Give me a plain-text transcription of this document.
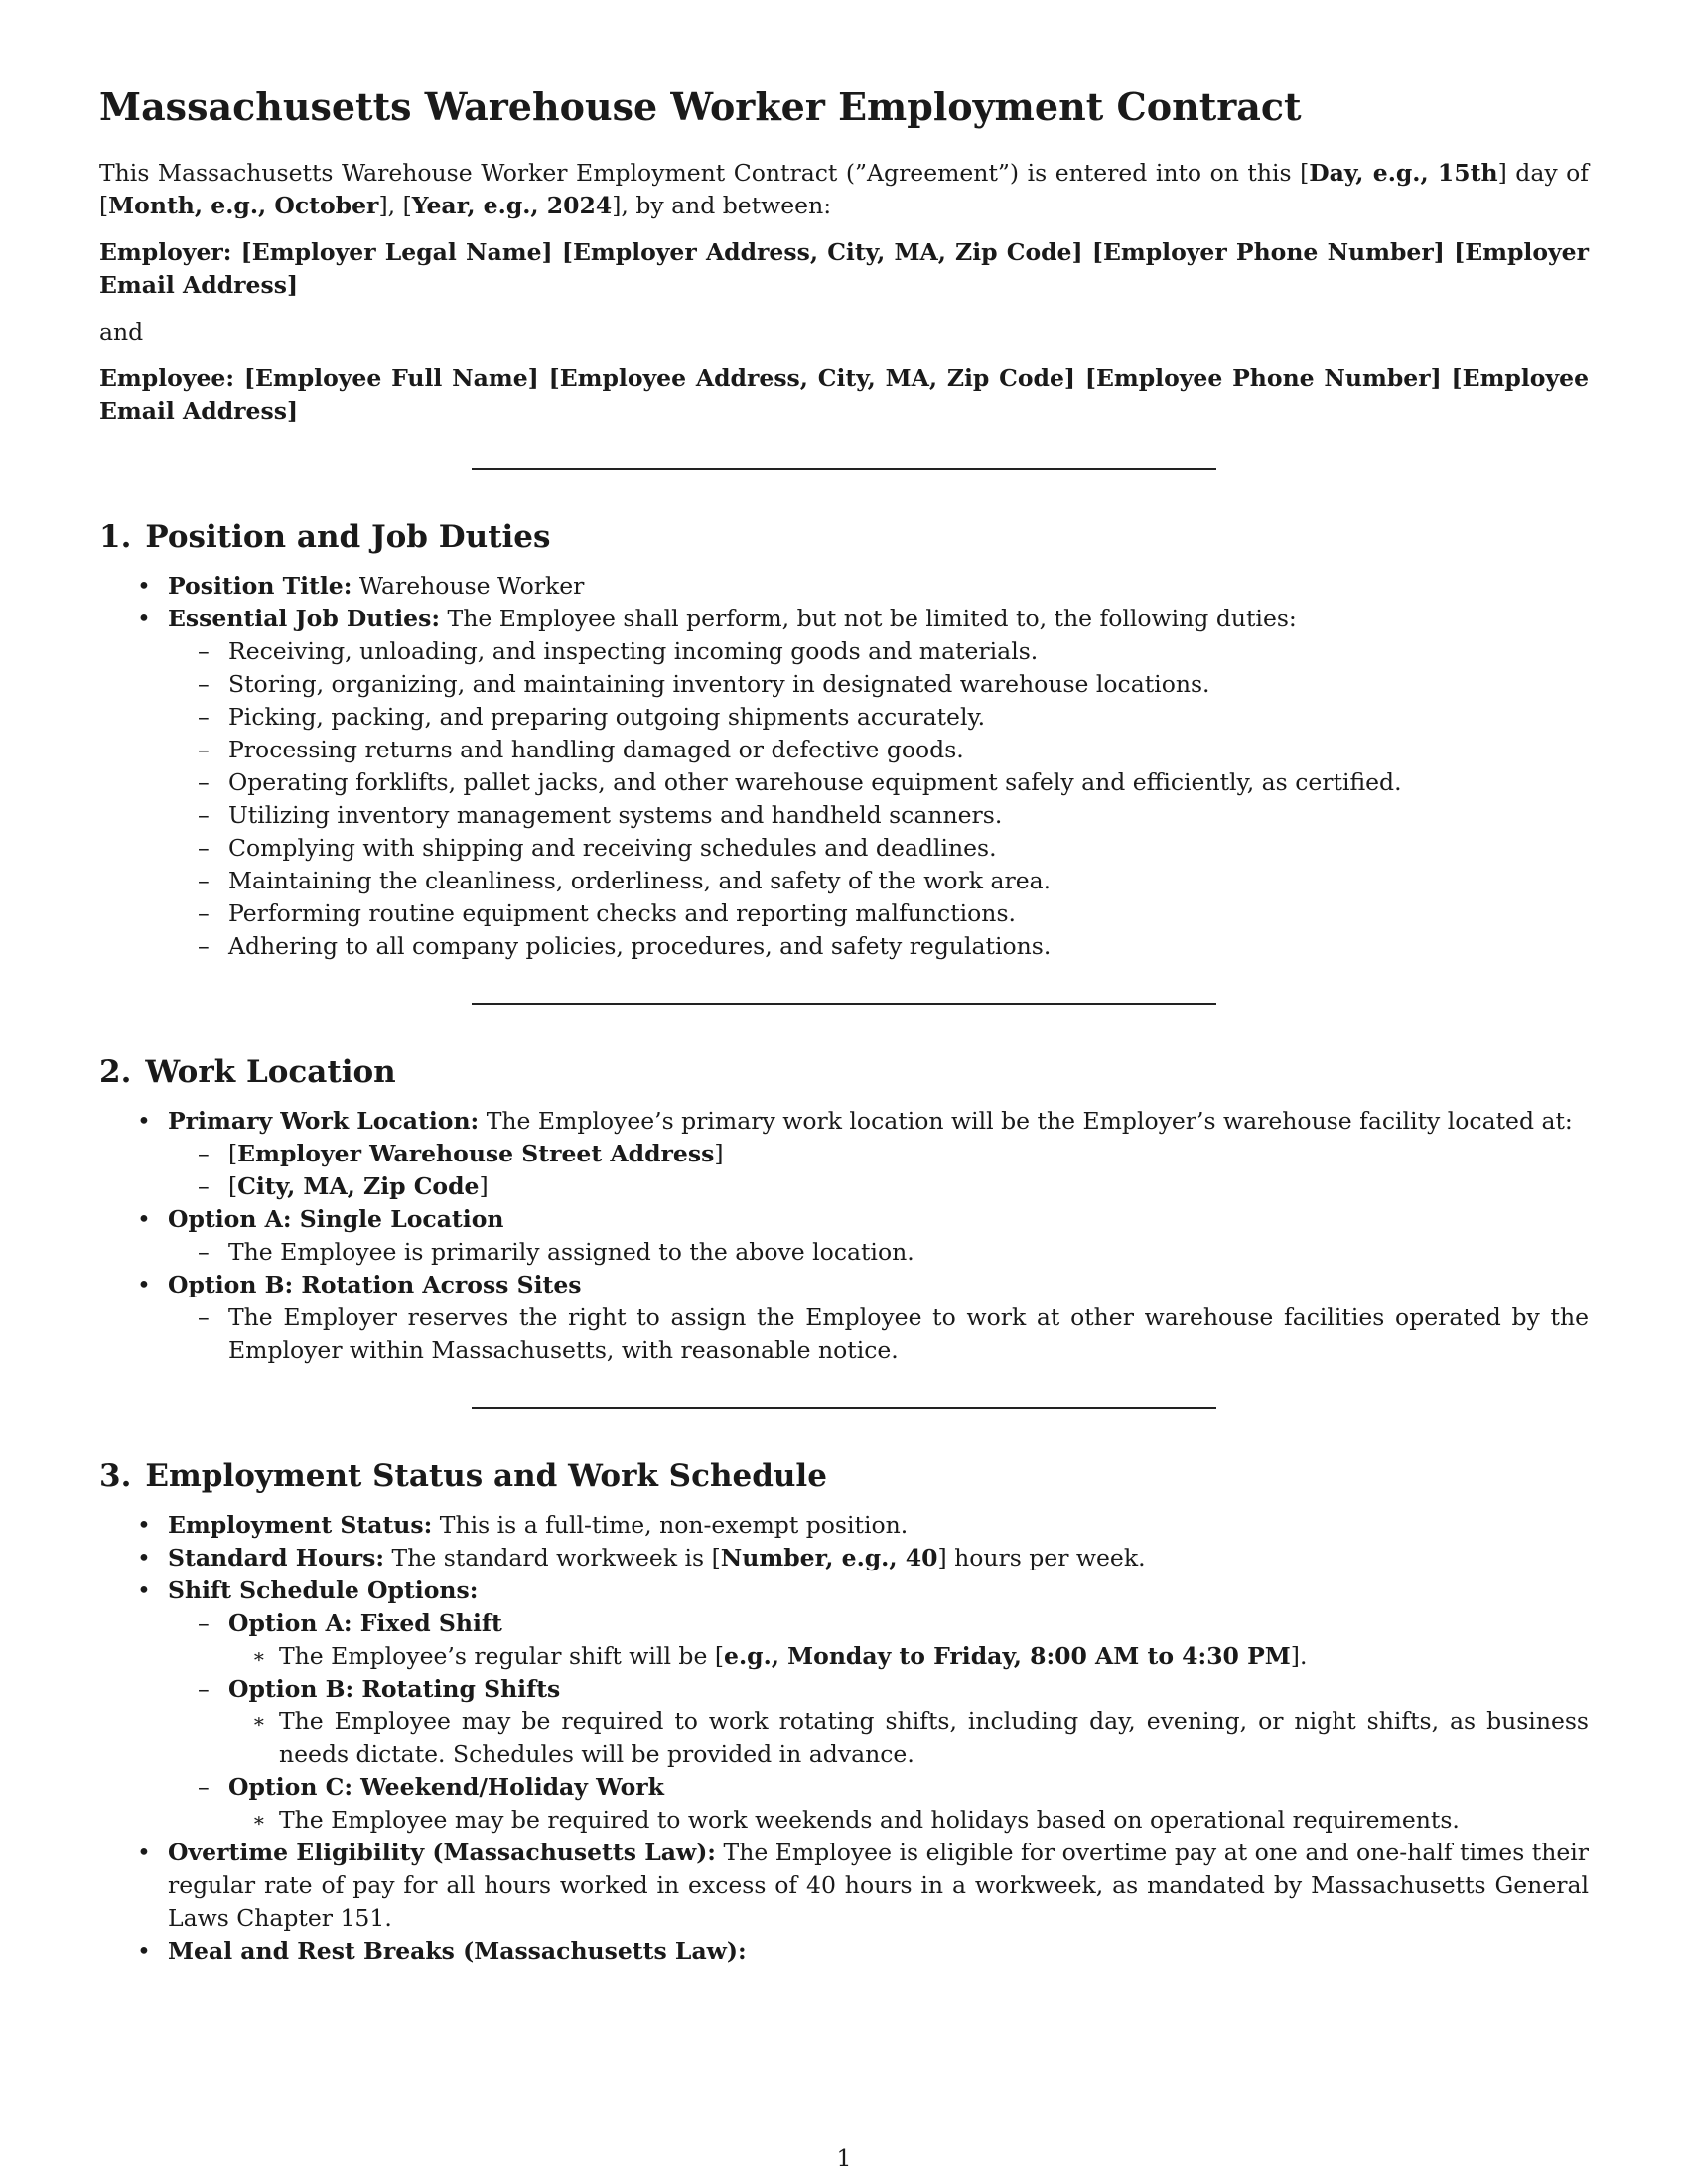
Massachusetts Warehouse Worker Employment Contract

This Massachusetts Warehouse Worker Employment Contract (”Agreement”) is entered into on this [Day, e.g., 15th] day of [Month, e.g., October], [Year, e.g., 2024], by and between:

Employer: [Employer Legal Name] [Employer Address, City, MA, Zip Code] [Employer Phone Number] [Employer Email Address]

and

Employee: [Employee Full Name] [Employee Address, City, MA, Zip Code] [Employee Phone Number] [Employee Email Address]

1. Position and Job Duties
• Position Title: Warehouse Worker
• Essential Job Duties: The Employee shall perform, but not be limited to, the following duties:
– Receiving, unloading, and inspecting incoming goods and materials.
– Storing, organizing, and maintaining inventory in designated warehouse locations.
– Picking, packing, and preparing outgoing shipments accurately.
– Processing returns and handling damaged or defective goods.
– Operating forklifts, pallet jacks, and other warehouse equipment safely and efficiently, as certified.
– Utilizing inventory management systems and handheld scanners.
– Complying with shipping and receiving schedules and deadlines.
– Maintaining the cleanliness, orderliness, and safety of the work area.
– Performing routine equipment checks and reporting malfunctions.
– Adhering to all company policies, procedures, and safety regulations.
2. Work Location
• Primary Work Location: The Employee’s primary work location will be the Employer’s warehouse facility located at:
– [Employer Warehouse Street Address]
– [City, MA, Zip Code]
• Option A: Single Location
– The Employee is primarily assigned to the above location.
• Option B: Rotation Across Sites
– The Employer reserves the right to assign the Employee to work at other warehouse facilities operated by the Employer within Massachusetts, with reasonable notice.
3. Employment Status and Work Schedule
• Employment Status: This is a full-time, non-exempt position.
• Standard Hours: The standard workweek is [Number, e.g., 40] hours per week.
• Shift Schedule Options:
– Option A: Fixed Shift
∗ The Employee’s regular shift will be [e.g., Monday to Friday, 8:00 AM to 4:30 PM].
– Option B: Rotating Shifts
∗ The Employee may be required to work rotating shifts, including day, evening, or night shifts, as business needs dictate. Schedules will be provided in advance.
– Option C: Weekend/Holiday Work
∗ The Employee may be required to work weekends and holidays based on operational requirements.
• Overtime Eligibility (Massachusetts Law): The Employee is eligible for overtime pay at one and one-half times their regular rate of pay for all hours worked in excess of 40 hours in a workweek, as mandated by Massachusetts General Laws Chapter 151.
• Meal and Rest Breaks (Massachusetts Law):
1
